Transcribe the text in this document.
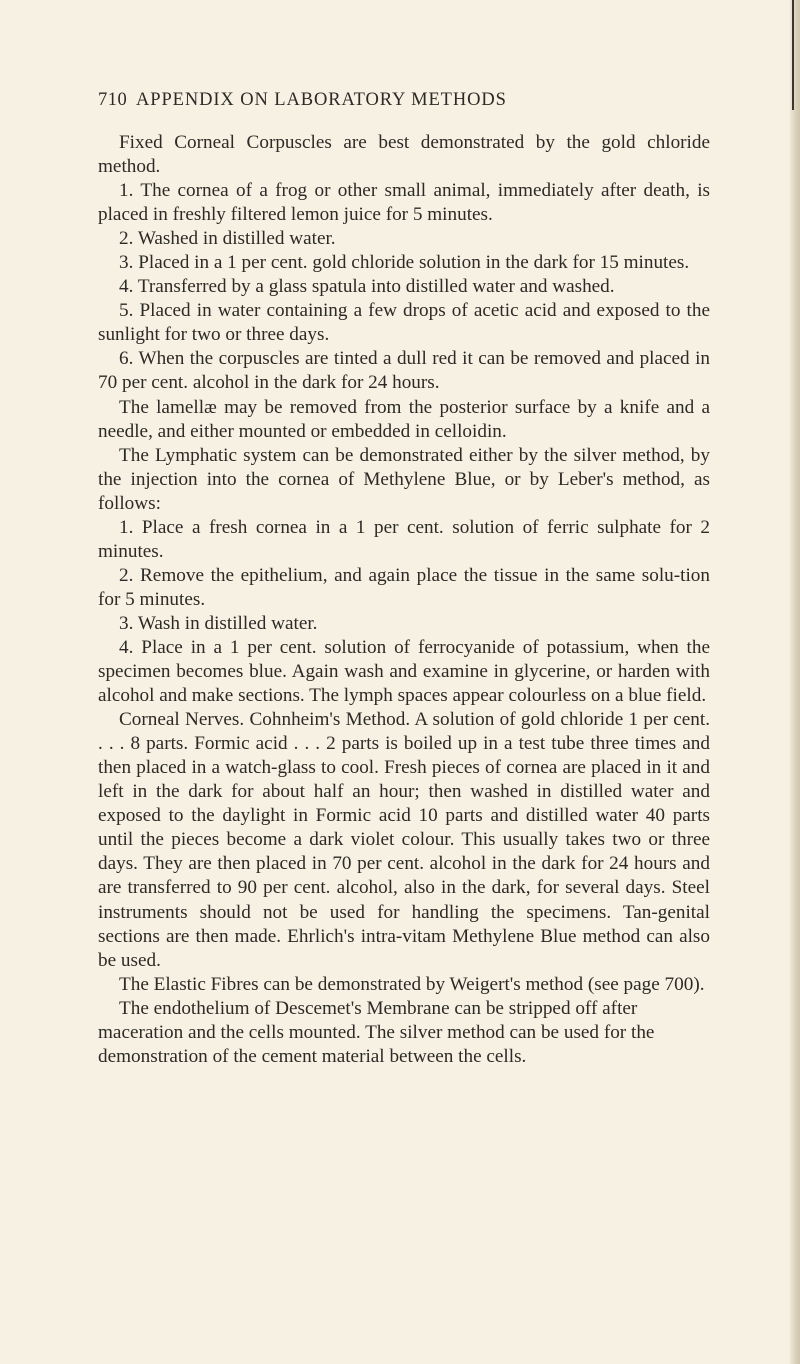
710 APPENDIX ON LABORATORY METHODS

Fixed Corneal Corpuscles are best demonstrated by the gold chloride method.

1. The cornea of a frog or other small animal, immediately after death, is placed in freshly filtered lemon juice for 5 minutes.

2. Washed in distilled water.

3. Placed in a 1 per cent. gold chloride solution in the dark for 15 minutes.

4. Transferred by a glass spatula into distilled water and washed.

5. Placed in water containing a few drops of acetic acid and exposed to the sunlight for two or three days.

6. When the corpuscles are tinted a dull red it can be removed and placed in 70 per cent. alcohol in the dark for 24 hours.

The lamellæ may be removed from the posterior surface by a knife and a needle, and either mounted or embedded in celloidin.

The Lymphatic system can be demonstrated either by the silver method, by the injection into the cornea of Methylene Blue, or by Leber's method, as follows:

1. Place a fresh cornea in a 1 per cent. solution of ferric sulphate for 2 minutes.

2. Remove the epithelium, and again place the tissue in the same solu-tion for 5 minutes.

3. Wash in distilled water.

4. Place in a 1 per cent. solution of ferrocyanide of potassium, when the specimen becomes blue. Again wash and examine in glycerine, or harden with alcohol and make sections. The lymph spaces appear colourless on a blue field.

Corneal Nerves. Cohnheim's Method. A solution of gold chloride 1 per cent. . . . 8 parts. Formic acid . . . 2 parts is boiled up in a test tube three times and then placed in a watch-glass to cool. Fresh pieces of cornea are placed in it and left in the dark for about half an hour; then washed in distilled water and exposed to the daylight in Formic acid 10 parts and distilled water 40 parts until the pieces become a dark violet colour. This usually takes two or three days. They are then placed in 70 per cent. alcohol in the dark for 24 hours and are transferred to 90 per cent. alcohol, also in the dark, for several days. Steel instruments should not be used for handling the specimens. Tan-genital sections are then made. Ehrlich's intra-vitam Methylene Blue method can also be used.

The Elastic Fibres can be demonstrated by Weigert's method (see page 700).

The endothelium of Descemet's Membrane can be stripped off after maceration and the cells mounted. The silver method can be used for the demonstration of the cement material between the cells.
